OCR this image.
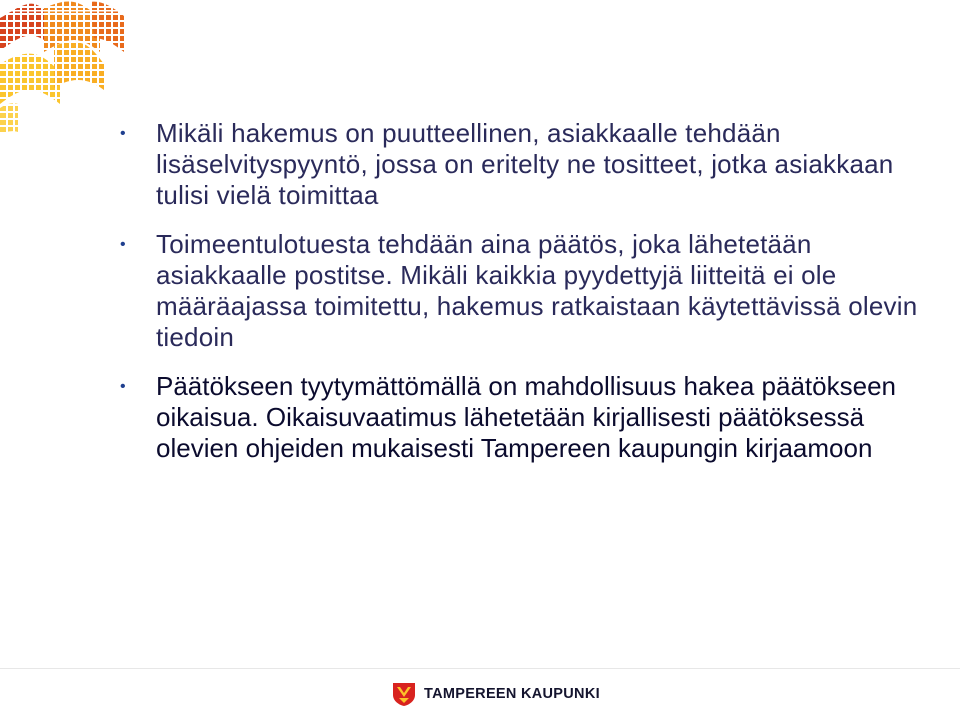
• Mikäli hakemus on puutteellinen, asiakkaalle tehdään lisäselvityspyyntö, jossa on eritelty ne tositteet, jotka asiakkaan tulisi vielä toimittaa
• Toimeentulotuesta tehdään aina päätös, joka lähetetään asiakkaalle postitse. Mikäli kaikkia pyydettyjä liitteitä ei ole määräajassa toimitettu, hakemus ratkaistaan käytettävissä olevin tiedoin
• Päätökseen tyytymättömällä on mahdollisuus hakea päätökseen oikaisua. Oikaisuvaatimus lähetetään kirjallisesti päätöksessä olevien ohjeiden mukaisesti Tampereen kaupungin kirjaamoon
TAMPEREEN KAUPUNKI
